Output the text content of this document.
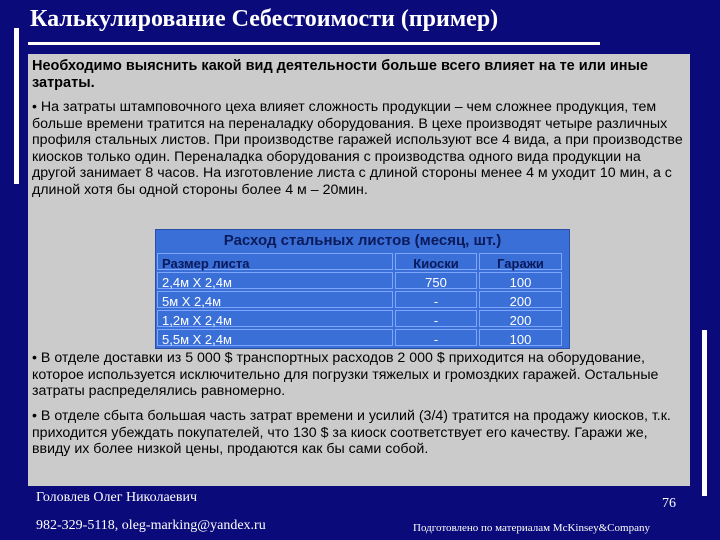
Калькулирование Себестоимости (пример)
Необходимо выяснить какой вид деятельности больше всего влияет на те или иные затраты.
• На затраты штамповочного цеха влияет сложность продукции – чем сложнее продукция, тем больше времени тратится на переналадку оборудования. В цехе производят четыре различных профиля стальных листов. При производстве гаражей используют все 4 вида, а при производстве киосков только один. Переналадка оборудования с производства одного вида продукции на другой занимает 8 часов. На изготовление листа с длиной стороны менее 4 м уходит 10 мин, а с длиной хотя бы одной стороны более 4 м – 20мин.
Расход стальных листов (месяц, шт.)
Размер листа	Киоски	Гаражи
2,4м Х 2,4м	750	100
5м Х 2,4м	-	200
1,2м Х 2,4м	-	200
5,5м Х 2,4м	-	100
• В отделе доставки из 5 000 $ транспортных расходов 2 000 $ приходится на оборудование, которое используется исключительно для погрузки тяжелых и громоздких гаражей. Остальные затраты распределялись равномерно.
• В отделе сбыта большая часть затрат времени и усилий (3/4) тратится на продажу киосков, т.к. приходится убеждать покупателей, что 130 $ за киоск соответствует его качеству. Гаражи же, ввиду их более низкой цены, продаются как бы сами собой.
Головлев Олег Николаевич	76
982-329-5118, oleg-marking@yandex.ru	Подготовлено по материалам McKinsey&Company
